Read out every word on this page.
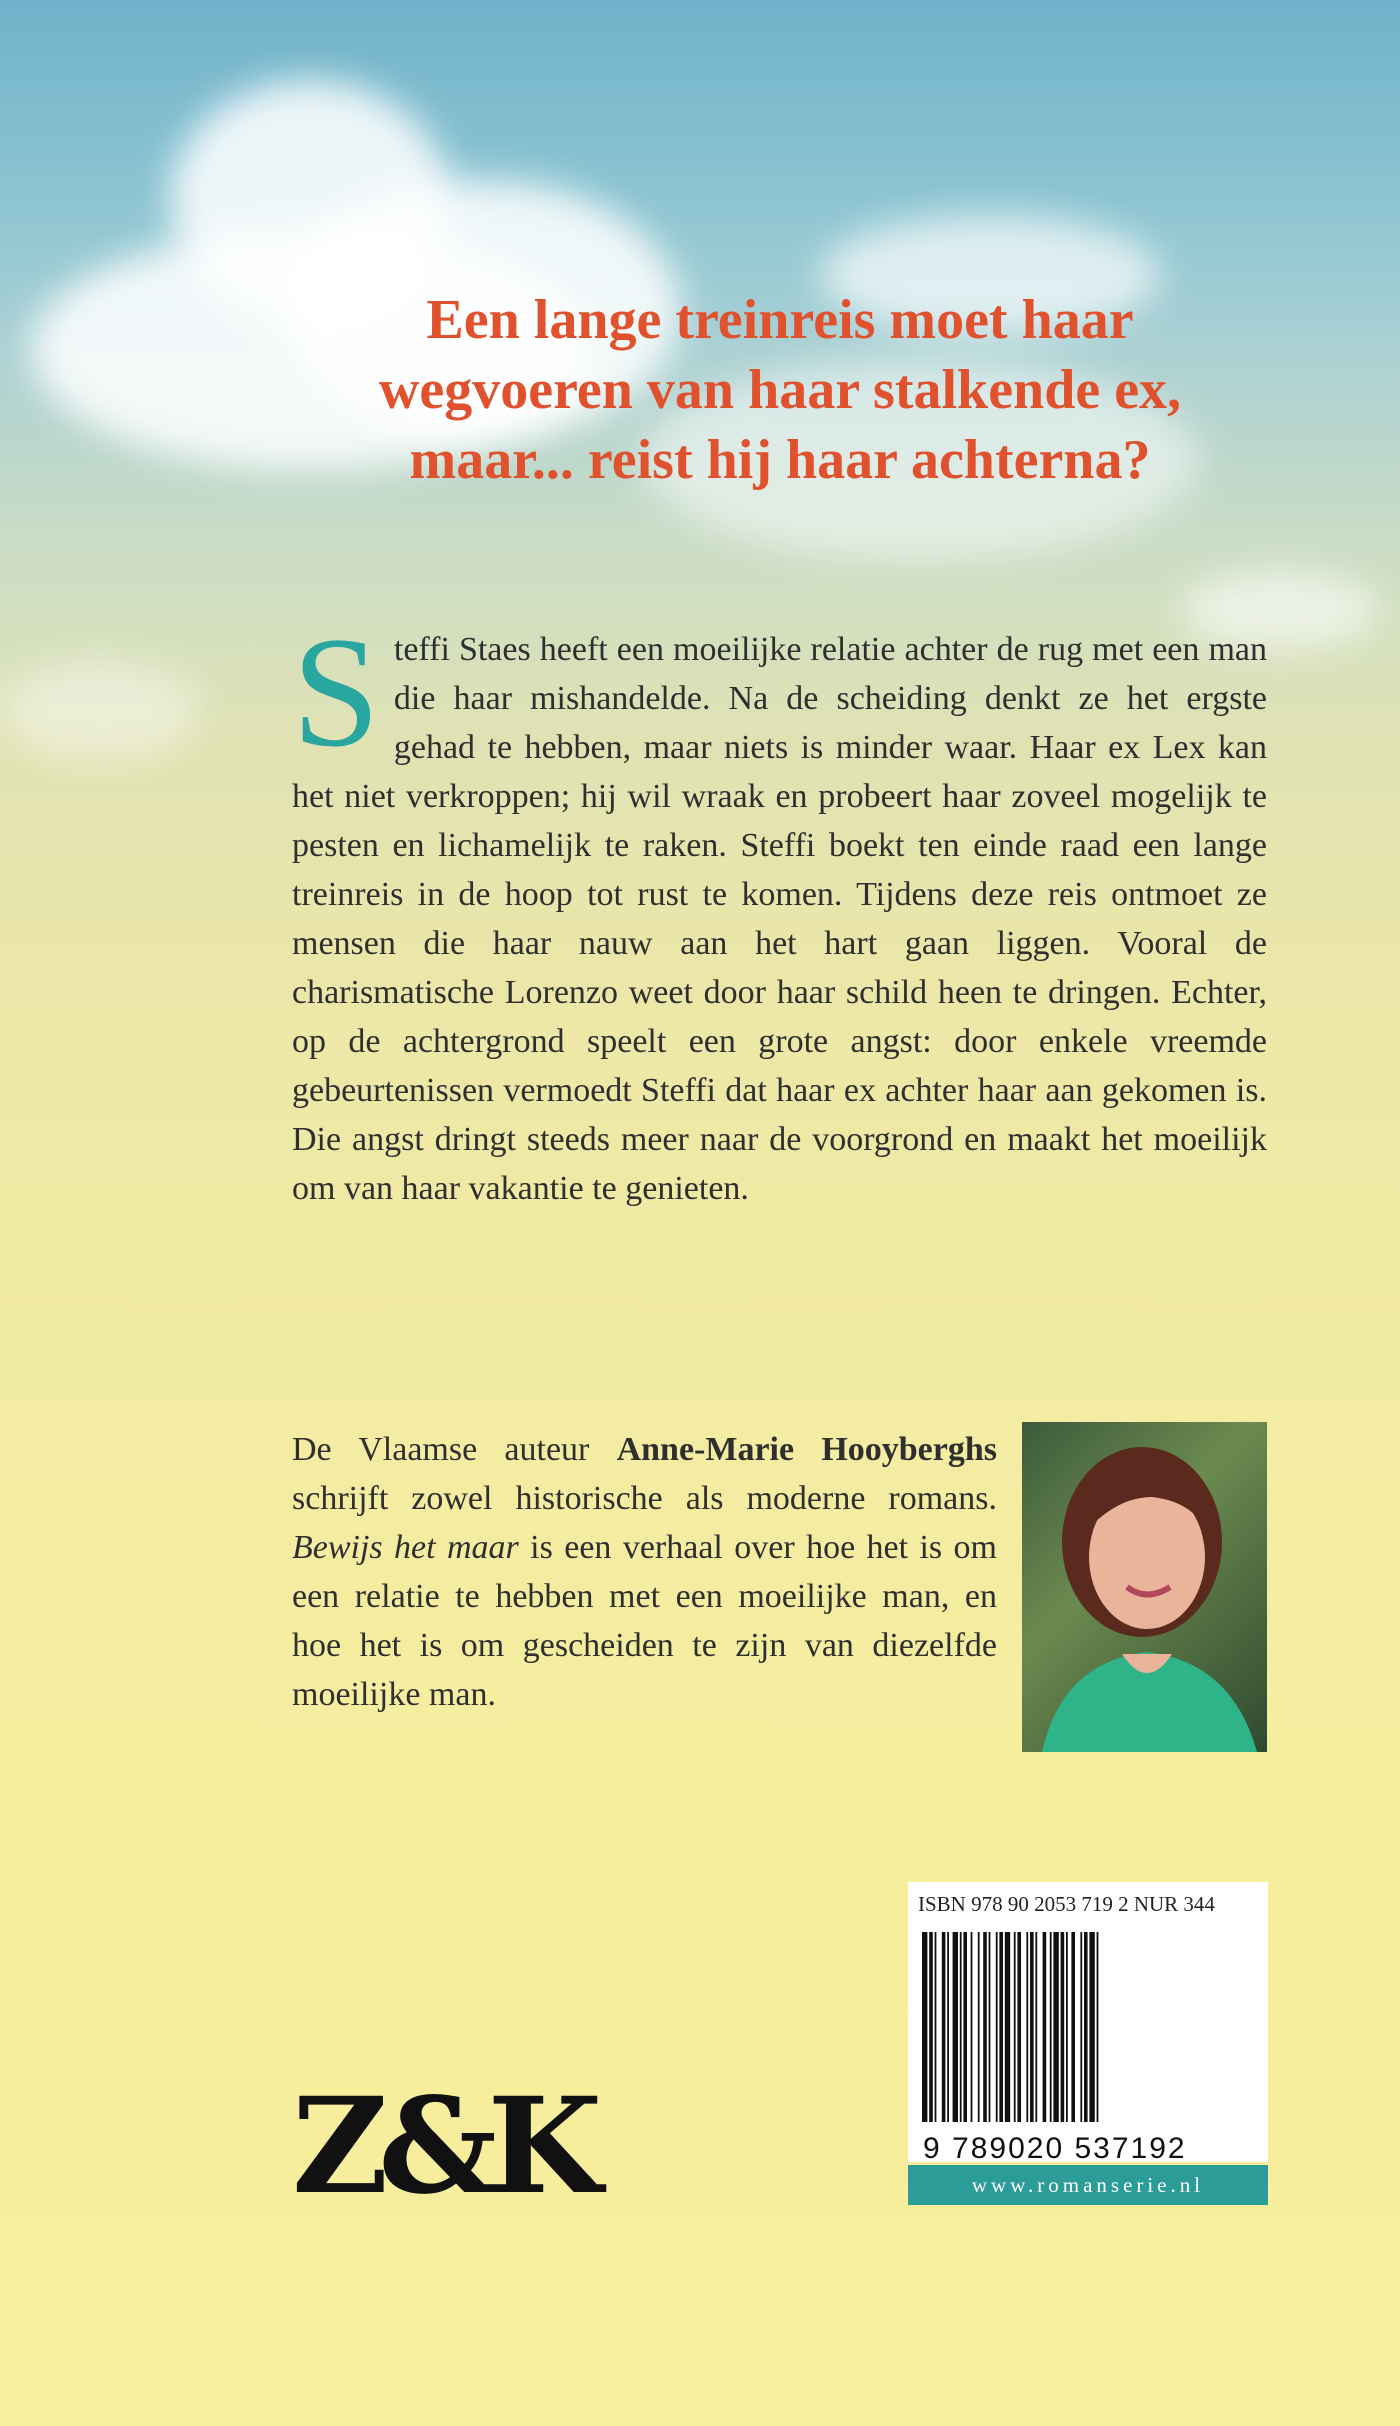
Een lange treinreis moet haar
wegvoeren van haar stalkende ex,
maar... reist hij haar achterna?

Steffi Staes heeft een moeilijke relatie achter de rug met een man die haar mishandelde. Na de scheiding denkt ze het ergste gehad te hebben, maar niets is minder waar. Haar ex Lex kan het niet verkroppen; hij wil wraak en probeert haar zoveel mogelijk te pesten en lichamelijk te raken. Steffi boekt ten einde raad een lange treinreis in de hoop tot rust te komen. Tijdens deze reis ontmoet ze mensen die haar nauw aan het hart gaan liggen. Vooral de charismatische Lorenzo weet door haar schild heen te dringen. Echter, op de achtergrond speelt een grote angst: door enkele vreemde gebeurtenissen vermoedt Steffi dat haar ex achter haar aan gekomen is. Die angst dringt steeds meer naar de voorgrond en maakt het moeilijk om van haar vakantie te genieten.

De Vlaamse auteur Anne-Marie Hooyberghs schrijft zowel historische als moderne romans. Bewijs het maar is een verhaal over hoe het is om een relatie te hebben met een moeilijke man, en hoe het is om gescheiden te zijn van diezelfde moeilijke man.

ISBN 978 90 2053 719 2 NUR 344
9 789020 537192
www.romanserie.nl
Z&K
